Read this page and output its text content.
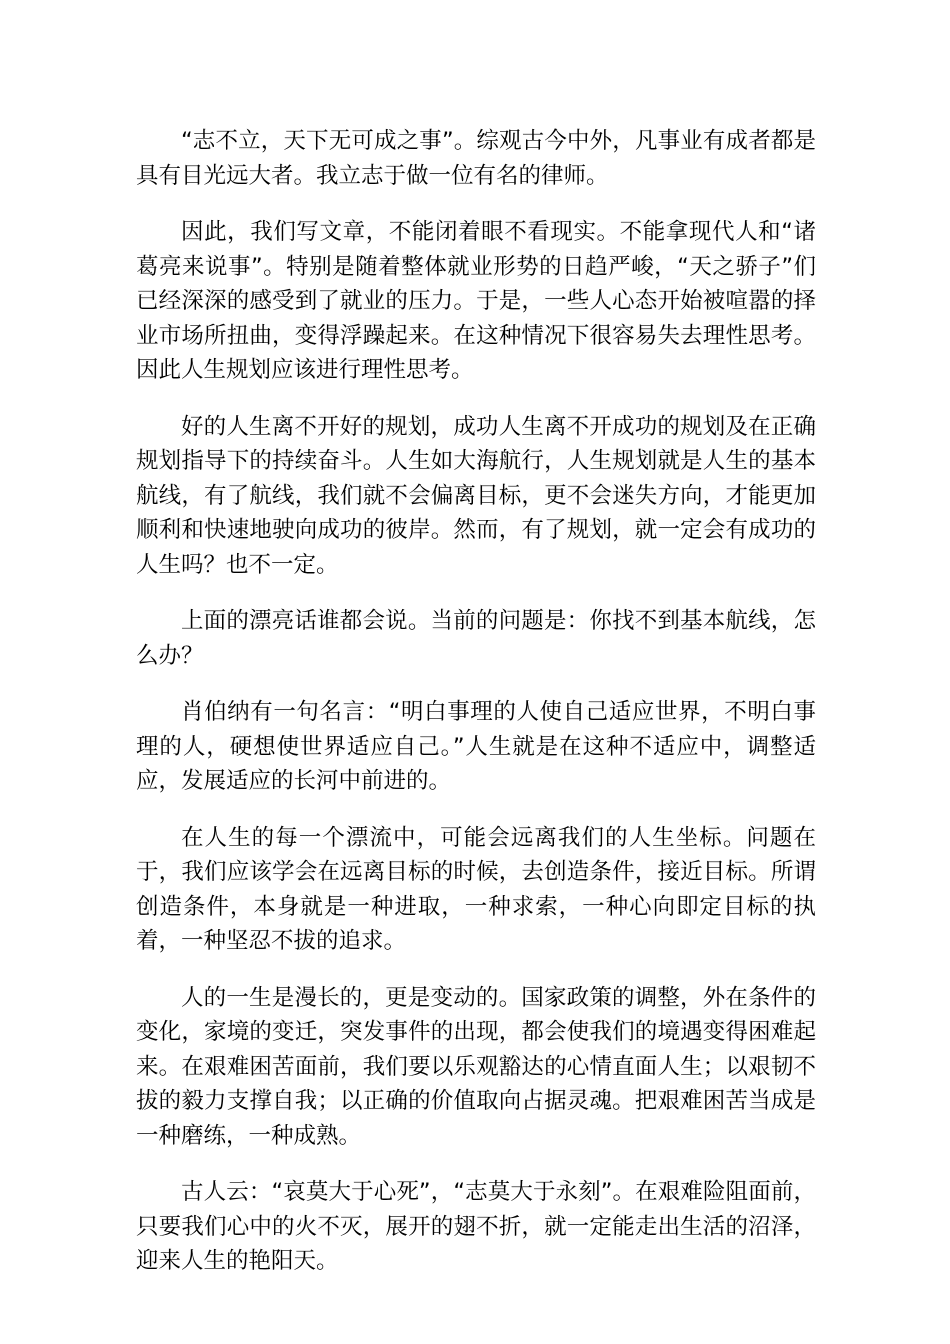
“志不立，天下无可成之事”。综观古今中外，凡事业有成者都是具有目光远大者。我立志于做一位有名的律师。

因此，我们写文章，不能闭着眼不看现实。不能拿现代人和“诸葛亮来说事”。特别是随着整体就业形势的日趋严峻，“天之骄子”们已经深深的感受到了就业的压力。于是，一些人心态开始被喧嚣的择业市场所扭曲，变得浮躁起来。在这种情况下很容易失去理性思考。因此人生规划应该进行理性思考。

好的人生离不开好的规划，成功人生离不开成功的规划及在正确规划指导下的持续奋斗。人生如大海航行，人生规划就是人生的基本航线，有了航线，我们就不会偏离目标，更不会迷失方向，才能更加顺利和快速地驶向成功的彼岸。然而，有了规划，就一定会有成功的人生吗？也不一定。

上面的漂亮话谁都会说。当前的问题是：你找不到基本航线，怎么办？

肖伯纳有一句名言：“明白事理的人使自己适应世界，不明白事理的人，硬想使世界适应自己。”人生就是在这种不适应中，调整适应，发展适应的长河中前进的。

在人生的每一个漂流中，可能会远离我们的人生坐标。问题在于，我们应该学会在远离目标的时候，去创造条件，接近目标。所谓创造条件，本身就是一种进取，一种求索，一种心向即定目标的执着，一种坚忍不拔的追求。

人的一生是漫长的，更是变动的。国家政策的调整，外在条件的变化，家境的变迁，突发事件的出现，都会使我们的境遇变得困难起来。在艰难困苦面前，我们要以乐观豁达的心情直面人生；以艰韧不拔的毅力支撑自我；以正确的价值取向占据灵魂。把艰难困苦当成是一种磨练，一种成熟。

古人云：“哀莫大于心死”，“志莫大于永刻”。在艰难险阻面前，只要我们心中的火不灭，展开的翅不折，就一定能走出生活的沼泽，迎来人生的艳阳天。
